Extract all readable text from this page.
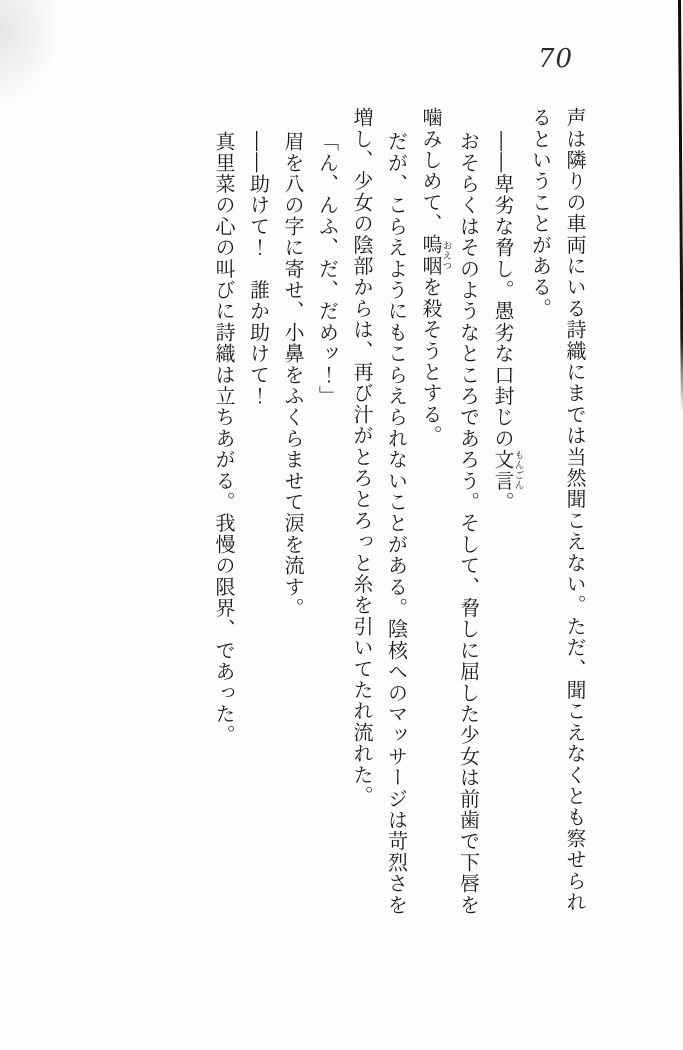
70

声は隣りの車両にいる詩織にまでは当然聞こえない。ただ、聞こえなくとも察せられ

るということがある。

――卑劣な脅し。愚劣な口封じの文言もんごん。

おそらくはそのようなところであろう。そして、脅しに屈した少女は前歯で下唇を

噛みしめて、嗚咽おえつを殺そうとする。

だが、こらえようにもこらえられないことがある。陰核へのマッサージは苛烈さを

増し、少女の陰部からは、再び汁がとろとろっと糸を引いてたれ流れた。

「ん、んふ、だ、だめッ！」

眉を八の字に寄せ、小鼻をふくらませて涙を流す。

――助けて！　誰か助けて！

真里菜の心の叫びに詩織は立ちあがる。我慢の限界、であった。
